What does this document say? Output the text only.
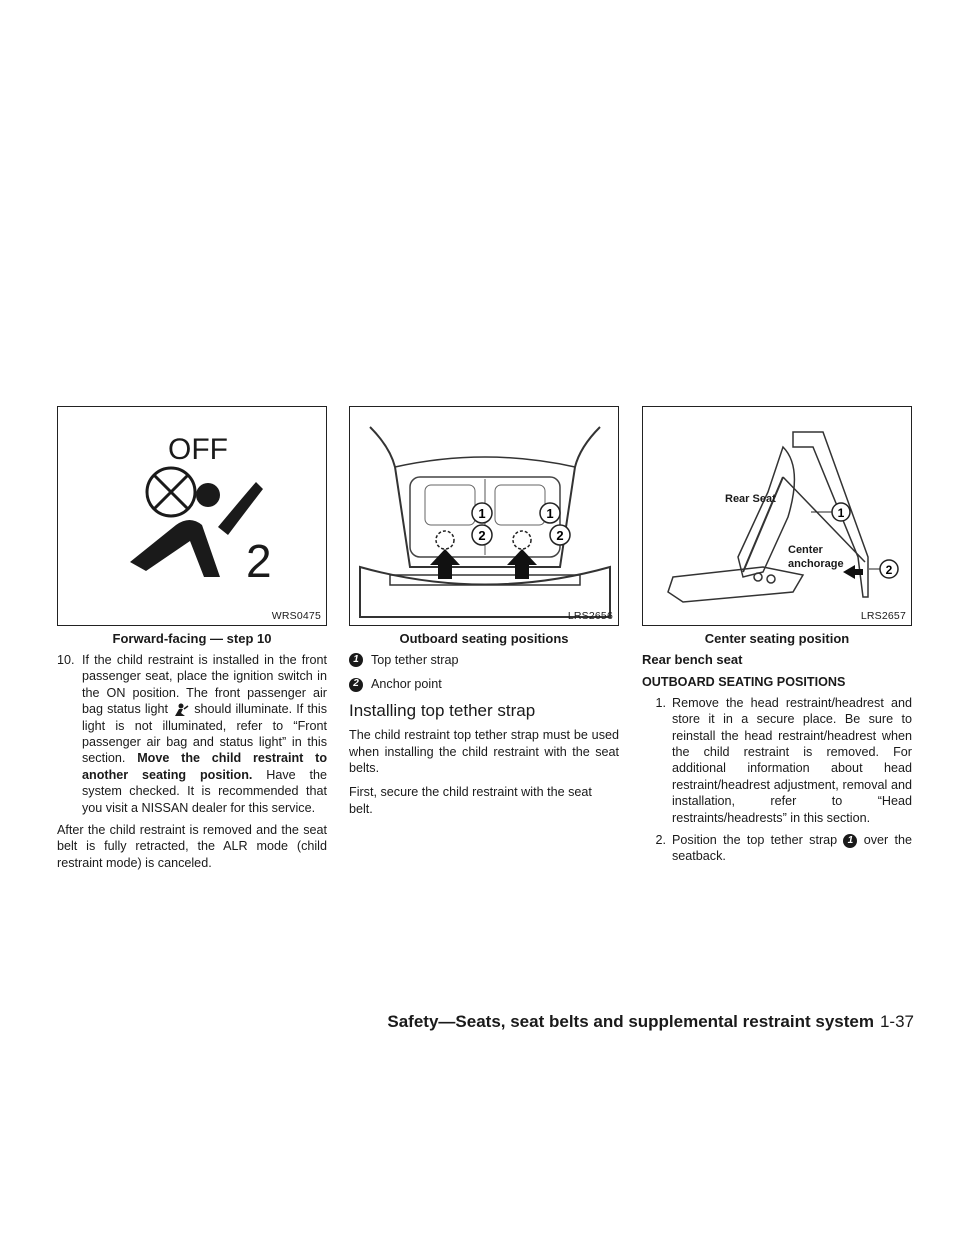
OFF
2
WRS0475
Forward-facing — step 10
1
2
1
2
LRS2656
Outboard seating positions
Rear Seat
Center
anchorage
1
2
LRS2657
Center seating position
10. If the child restraint is installed in the front passenger seat, place the ignition switch in the ON position. The front passenger air bag status light should illuminate. If this light is not illuminated, refer to “Front passenger air bag and status light” in this section. Move the child restraint to another seating position. Have the system checked. It is recommended that you visit a NISSAN dealer for this service.

After the child restraint is removed and the seat belt is fully retracted, the ALR mode (child restraint mode) is canceled.

1 Top tether strap
2 Anchor point
Installing top tether strap

The child restraint top tether strap must be used when installing the child restraint with the seat belts.

First, secure the child restraint with the seat belt.

Rear bench seat

OUTBOARD SEATING POSITIONS

1. Remove the head restraint/headrest and store it in a secure place. Be sure to reinstall the head restraint/headrest when the child restraint is removed. For additional information about head restraint/headrest adjustment, removal and installation, refer to “Head restraints/headrests” in this section.

2. Position the top tether strap 1 over the seatback.

Safety—Seats, seat belts and supplemental restraint system 1-37
